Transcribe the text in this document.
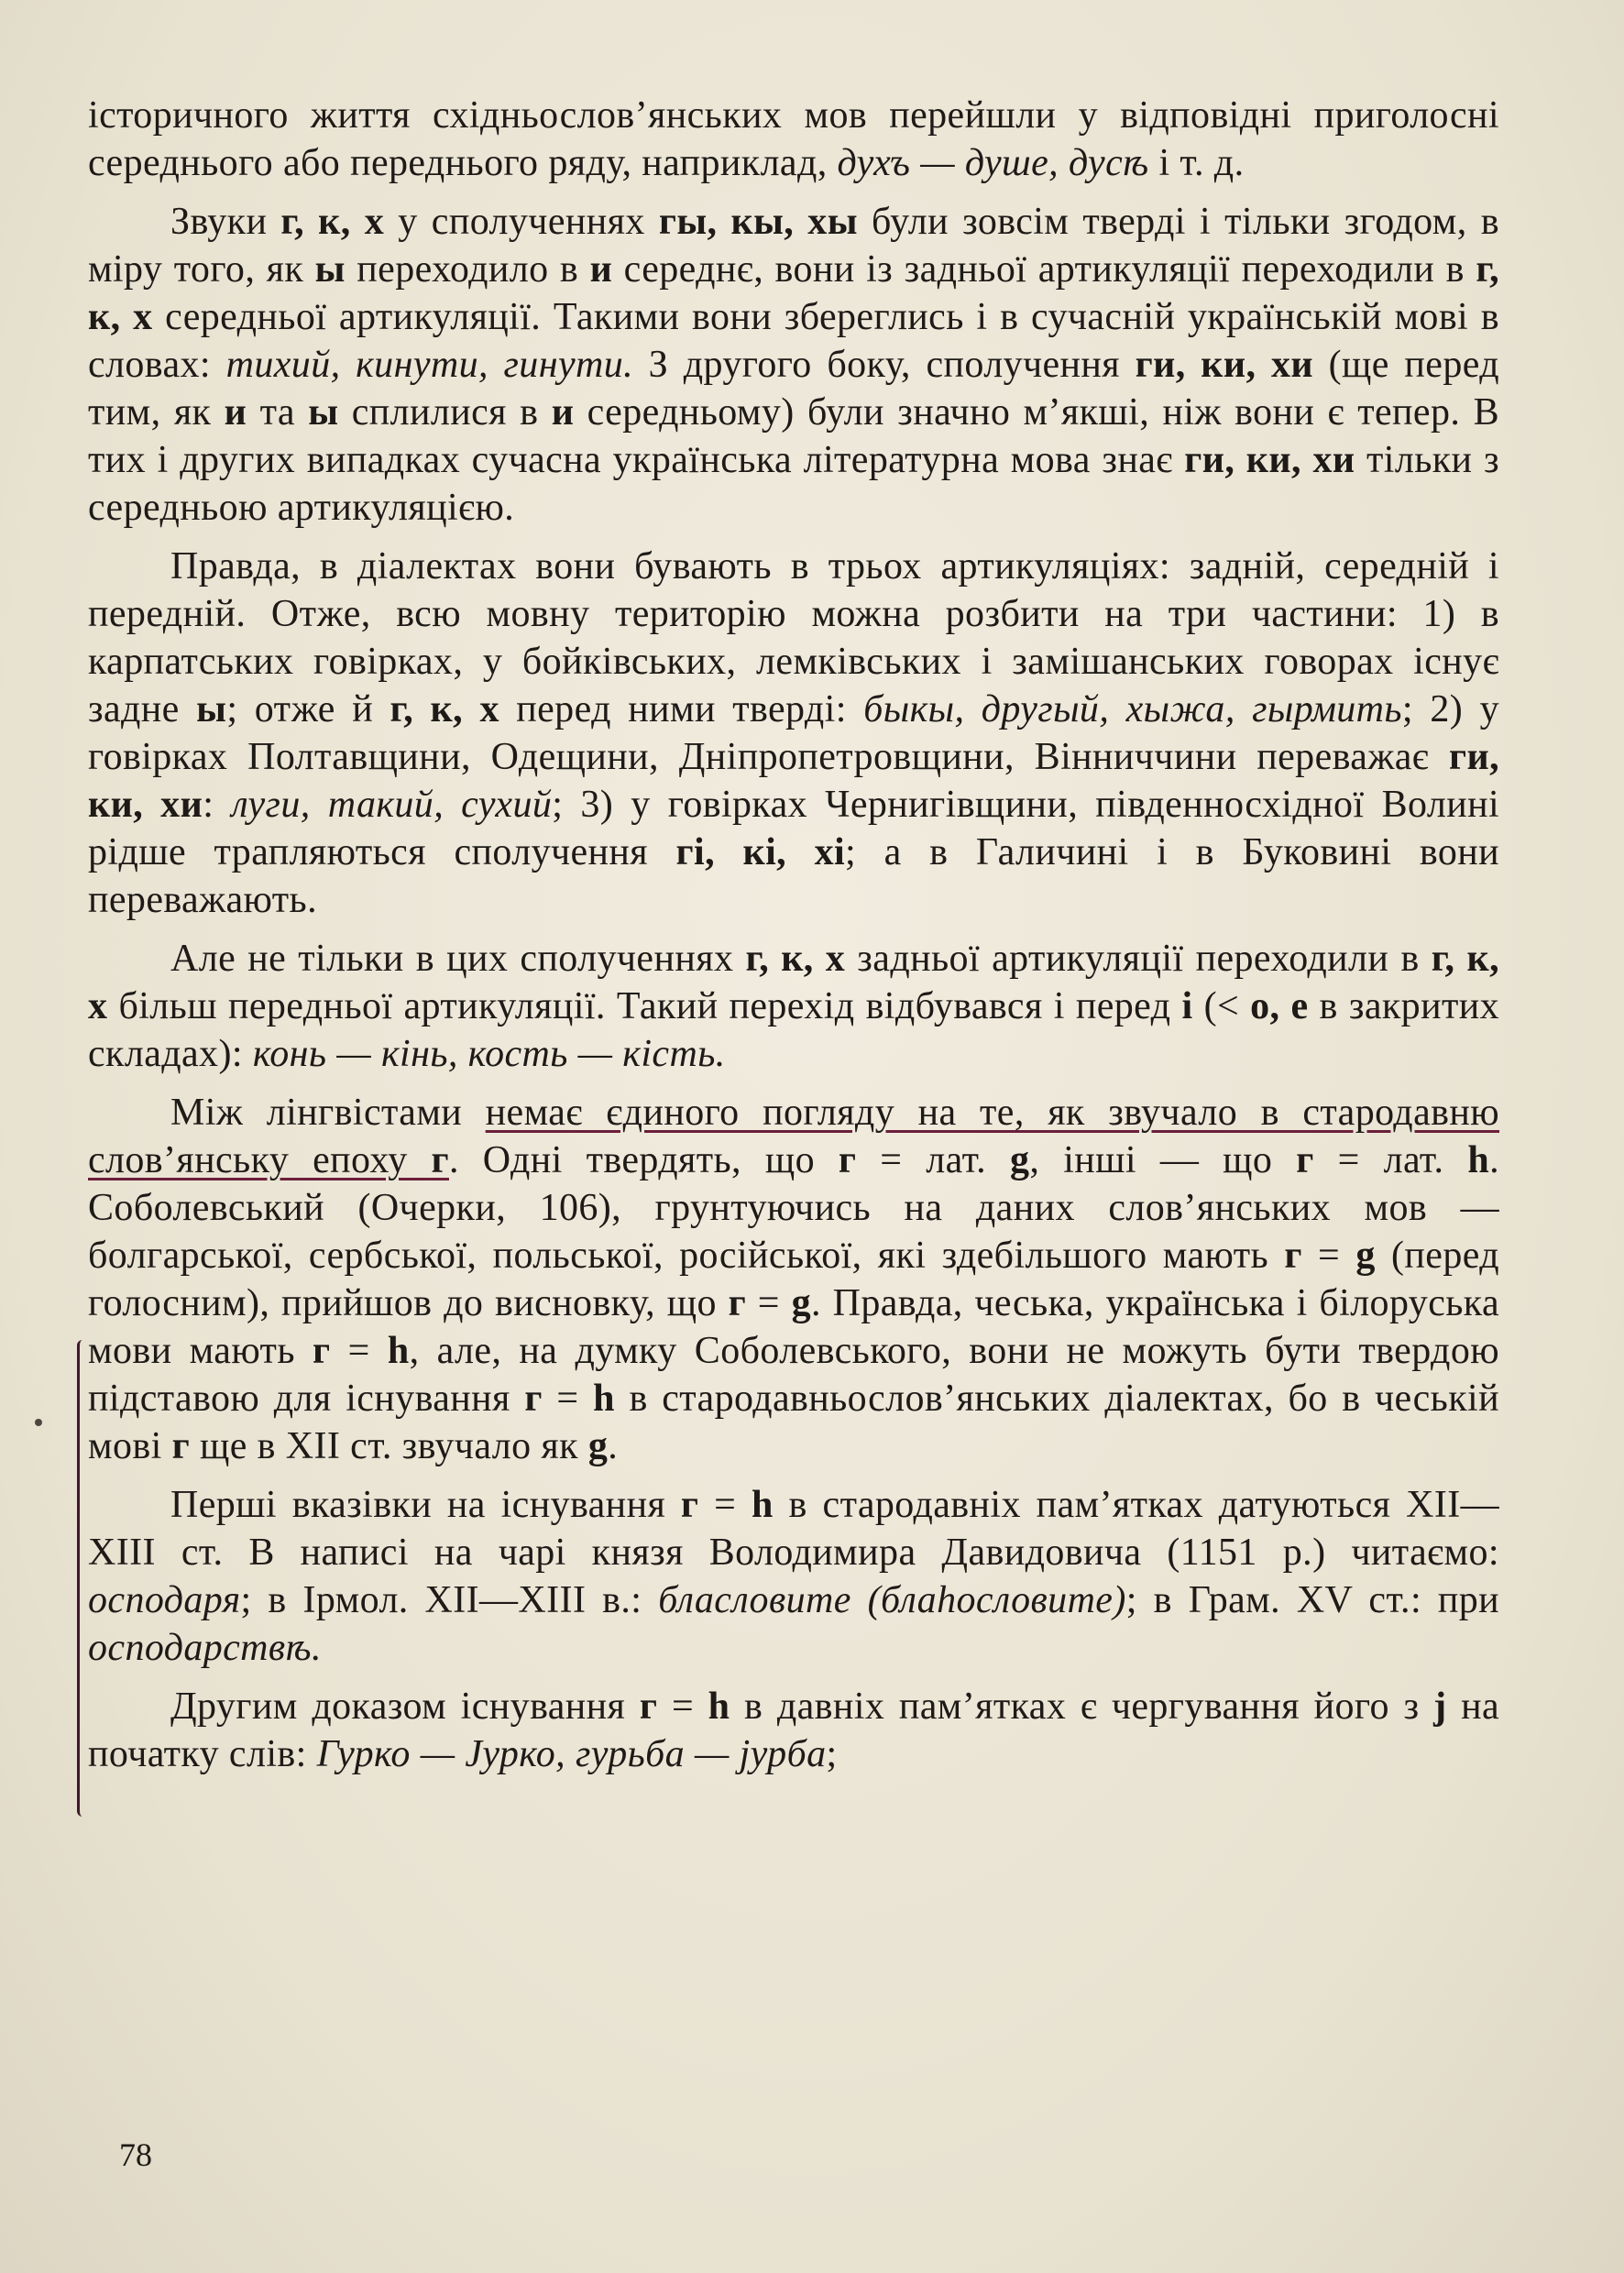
історичного життя східньослов’янських мов перейшли у відповідні приголосні середнього або переднього ряду, наприклад, духъ — душе, дусѣ і т. д.

Звуки г, к, х у сполученнях гы, кы, хы були зовсім тверді і тільки згодом, в міру того, як ы переходило в и середнє, вони із задньої артикуляції переходили в г, к, х середньої артикуляції. Такими вони зберeглись і в сучасній українській мові в словах: тихий, кинути, гинути. З другого боку, сполучення ги, ки, хи (ще перед тим, як и та ы сплилися в и середньому) були значно м’якші, ніж вони є тепер. В тих і других випадках сучасна українська літературна мова знає ги, ки, хи тільки з середньою артикуляцією.

Правда, в діалектах вони бувають в трьох артикуляціях: задній, середній і передній. Отже, всю мовну територію можна розбити на три частини: 1) в карпатських говірках, у бойківських, лемківських і замішанських говорах існує задне ы; отже й г, к, х перед ними тверді: быкы, другый, хыжа, гырмить; 2) у говірках Полтавщини, Одещини, Дніпропетровщини, Вінниччини переважає ги, ки, хи: луги, такий, сухий; 3) у говірках Чернигівщини, південносхідної Волині рідше трапляються сполучення гі, кі, хі; а в Галичині і в Буковині вони переважають.

Але не тільки в цих сполученнях г, к, х задньої артикуляції переходили в г, к, х більш передньої артикуляції. Такий перехід відбувався і перед і (< о, е в закритих складах): конь — кінь, кость — кість.

Між лінгвістами немає єдиного погляду на те, як звучало в стародавню слов’янську епоху г. Одні твердять, що г = лат. g, інші — що г = лат. h. Соболевський (Очерки, 106), грунтуючись на даних слов’янських мов — болгарської, сербської, польської, російської, які здебільшого мають г = g (перед голосним), прийшов до висновку, що г = g. Правда, чеська, українська і білоруська мови мають г = h, але, на думку Соболевського, вони не можуть бути твердою підставою для існування г = h в стародавньослов’янських діалектах, бо в чеській мові г ще в XII ст. звучало як g.

Перші вказівки на існування г = h в стародавніх пам’ятках датуються XII—XIII ст. В написі на чарі князя Володимира Давидовича (1151 р.) читаємо: осподаря; в Ірмол. XII—XIII в.: бласловите (блаhословите); в Грам. XV ст.: при осподарствѣ.

Другим доказом існування г = h в давніх пам’ятках є чергування його з j на початку слів: Гурко — Јурко, гурьба — јурба;

78
